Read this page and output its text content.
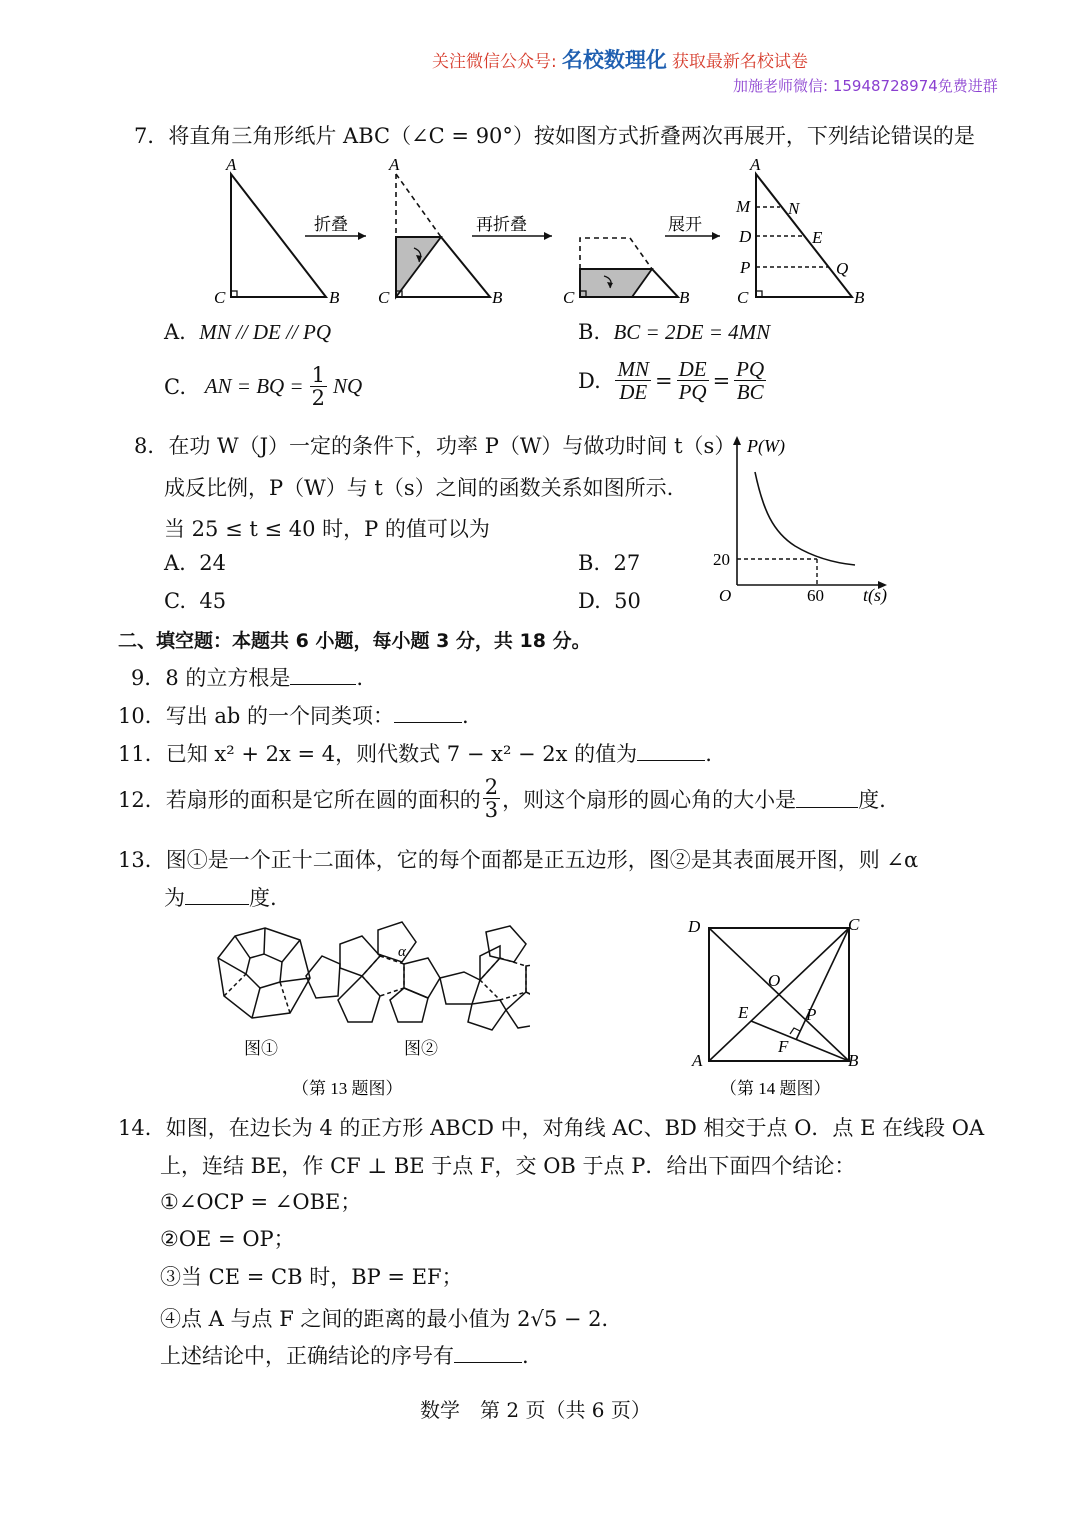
关注微信公众号: 名校数理化 获取最新名校试卷
加施老师微信: 15948728974免费进群
7．将直角三角形纸片 ABC（∠C = 90°）按如图方式折叠两次再展开，下列结论错误的是
A
C	B
折叠
A
C	B
再折叠
C	B
展开
A
M N
D	E
P	Q
C	B
A. MN // DE // PQ	B. BC = 2DE = 4MN
C.
AN = BQ = $\frac{1}{2}$ NQ	D.
$\frac{MN}{DE} = \frac{DE}{PQ} = \frac{PQ}{BC}$
8．在功 W（J）一定的条件下，功率 P（W）与做功时间 t（s）
成反比例，P（W）与 t（s）之间的函数关系如图所示.
当 25 ≤ t ≤ 40 时，P 的值可以为
A. 24	B. 27
C. 45	D. 50
P(W)
20
O	60 t(s)
二、填空题：本题共 6 小题，每小题 3 分，共 18 分。
9．8 的立方根是	.
10．写出 ab 的一个同类项：	.
11．已知 x² + 2x = 4，则代数式 7 − x² − 2x 的值为	.
12．若扇形的面积是它所在圆的面积的 $\frac{2}{3}$ ，则这个扇形的圆心角的大小是	度.
13．图①是一个正十二面体，它的每个面都是正五边形，图②是其表面展开图，则 ∠α
为	度.
图①
α
图②
（第 13 题图）
D	C
A	B
O
E	P
F
（第 14 题图）
14．如图，在边长为 4 的正方形 ABCD 中，对角线 AC、BD 相交于点 O．点 E 在线段 OA
上，连结 BE，作 CF ⊥ BE 于点 F，交 OB 于点 P．给出下面四个结论：
①∠OCP = ∠OBE；
②OE = OP；
③当 CE = CB 时，BP = EF；
④点 A 与点 F 之间的距离的最小值为 2√5 − 2．
上述结论中，正确结论的序号有	.
数学　第 2 页（共 6 页）
